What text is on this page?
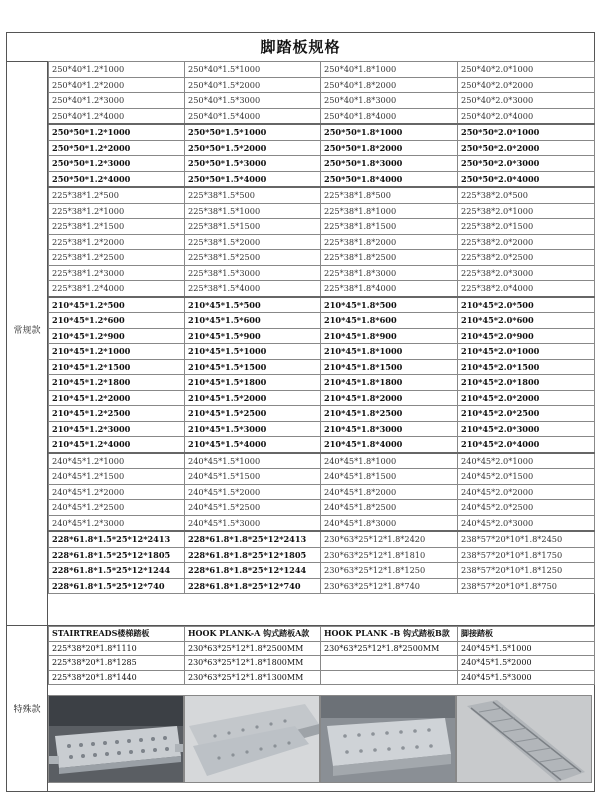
脚踏板规格
常规款
特殊款
250*40*1.2*1000	250*40*1.5*1000	250*40*1.8*1000	250*40*2.0*1000
250*40*1.2*2000	250*40*1.5*2000	250*40*1.8*2000	250*40*2.0*2000
250*40*1.2*3000	250*40*1.5*3000	250*40*1.8*3000	250*40*2.0*3000
250*40*1.2*4000	250*40*1.5*4000	250*40*1.8*4000	250*40*2.0*4000
250*50*1.2*1000	250*50*1.5*1000	250*50*1.8*1000	250*50*2.0*1000
250*50*1.2*2000	250*50*1.5*2000	250*50*1.8*2000	250*50*2.0*2000
250*50*1.2*3000	250*50*1.5*3000	250*50*1.8*3000	250*50*2.0*3000
250*50*1.2*4000	250*50*1.5*4000	250*50*1.8*4000	250*50*2.0*4000
225*38*1.2*500	225*38*1.5*500	225*38*1.8*500	225*38*2.0*500
225*38*1.2*1000	225*38*1.5*1000	225*38*1.8*1000	225*38*2.0*1000
225*38*1.2*1500	225*38*1.5*1500	225*38*1.8*1500	225*38*2.0*1500
225*38*1.2*2000	225*38*1.5*2000	225*38*1.8*2000	225*38*2.0*2000
225*38*1.2*2500	225*38*1.5*2500	225*38*1.8*2500	225*38*2.0*2500
225*38*1.2*3000	225*38*1.5*3000	225*38*1.8*3000	225*38*2.0*3000
225*38*1.2*4000	225*38*1.5*4000	225*38*1.8*4000	225*38*2.0*4000
210*45*1.2*500	210*45*1.5*500	210*45*1.8*500	210*45*2.0*500
210*45*1.2*600	210*45*1.5*600	210*45*1.8*600	210*45*2.0*600
210*45*1.2*900	210*45*1.5*900	210*45*1.8*900	210*45*2.0*900
210*45*1.2*1000	210*45*1.5*1000	210*45*1.8*1000	210*45*2.0*1000
210*45*1.2*1500	210*45*1.5*1500	210*45*1.8*1500	210*45*2.0*1500
210*45*1.2*1800	210*45*1.5*1800	210*45*1.8*1800	210*45*2.0*1800
210*45*1.2*2000	210*45*1.5*2000	210*45*1.8*2000	210*45*2.0*2000
210*45*1.2*2500	210*45*1.5*2500	210*45*1.8*2500	210*45*2.0*2500
210*45*1.2*3000	210*45*1.5*3000	210*45*1.8*3000	210*45*2.0*3000
210*45*1.2*4000	210*45*1.5*4000	210*45*1.8*4000	210*45*2.0*4000
240*45*1.2*1000	240*45*1.5*1000	240*45*1.8*1000	240*45*2.0*1000
240*45*1.2*1500	240*45*1.5*1500	240*45*1.8*1500	240*45*2.0*1500
240*45*1.2*2000	240*45*1.5*2000	240*45*1.8*2000	240*45*2.0*2000
240*45*1.2*2500	240*45*1.5*2500	240*45*1.8*2500	240*45*2.0*2500
240*45*1.2*3000	240*45*1.5*3000	240*45*1.8*3000	240*45*2.0*3000
228*61.8*1.5*25*12*2413	228*61.8*1.8*25*12*2413	230*63*25*12*1.8*2420	238*57*20*10*1.8*2450
228*61.8*1.5*25*12*1805	228*61.8*1.8*25*12*1805	230*63*25*12*1.8*1810	238*57*20*10*1.8*1750
228*61.8*1.5*25*12*1244	228*61.8*1.8*25*12*1244	230*63*25*12*1.8*1250	238*57*20*10*1.8*1250
228*61.8*1.5*25*12*740	228*61.8*1.8*25*12*740	230*63*25*12*1.8*740	238*57*20*10*1.8*750
STAIRTREADS楼梯踏板	HOOK PLANK-A 钩式踏板A款	HOOK PLANK -B 钩式踏板B款	脚接踏板
225*38*20*1.8*1110	230*63*25*12*1.8*2500MM	230*63*25*12*1.8*2500MM	240*45*1.5*1000
225*38*20*1.8*1285	230*63*25*12*1.8*1800MM		240*45*1.5*2000
225*38*20*1.8*1440	230*63*25*12*1.8*1300MM		240*45*1.5*3000
